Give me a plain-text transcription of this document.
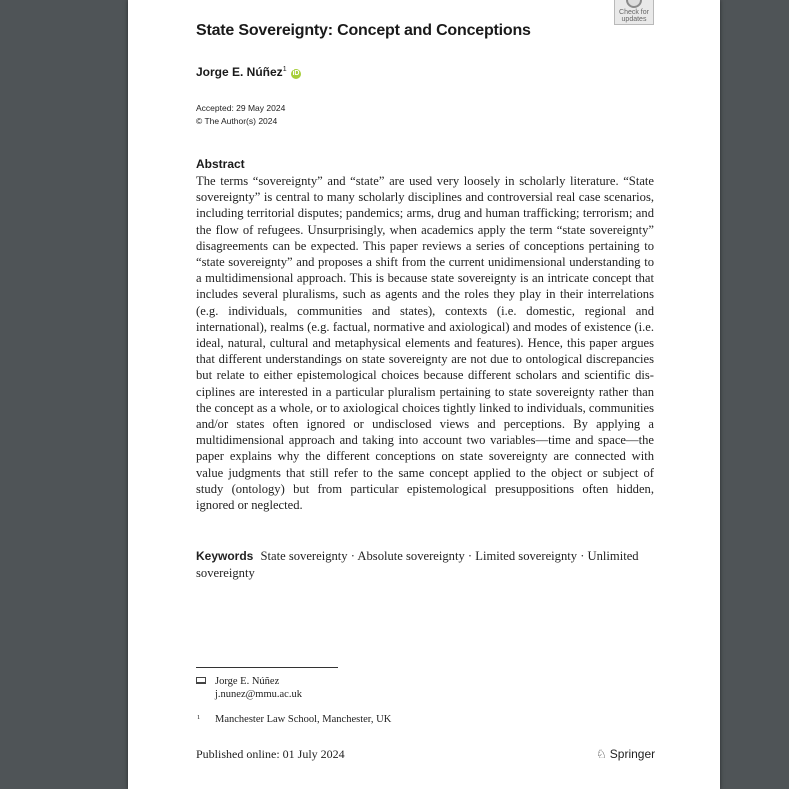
Check for
updates
State Sovereignty: Concept and Conceptions
Jorge E. Núñez$^1$ iD
Accepted: 29 May 2024
© The Author(s) 2024
Abstract
The terms “sovereignty” and “state” are used very loosely in scholarly literature. “State sovereignty” is central to many scholarly disciplines and controversial real case scenarios, including territorial disputes; pandemics; arms, drug and human trafficking; terrorism; and the flow of refugees. Unsurprisingly, when academics apply the term “state sovereignty” disagreements can be expected. This paper reviews a series of conceptions pertaining to “state sovereignty” and proposes a shift from the current unidimensional understanding to a multidimensional approach. This is because state sovereignty is an intricate concept that includes several pluralisms, such as agents and the roles they play in their interrelations (e.g. individuals, communities and states), contexts (i.e. domestic, regional and international), realms (e.g. factual, normative and axiological) and modes of existence (i.e. ideal, natural, cultural and metaphysical elements and features). Hence, this paper argues that different understandings on state sovereignty are not due to ontological discrepancies but relate to either epistemological choices because different scholars and scientific disciplines are interested in a particular pluralism pertaining to state sovereignty rather than the concept as a whole, or to axiological choices tightly linked to individuals, communities and/or states often ignored or undisclosed views and perceptions. By applying a multidimensional approach and taking into account two variables—time and space—the paper explains why the different conceptions on state sovereignty are connected with value judgments that still refer to the same concept applied to the object or subject of study (ontology) but from particular epistemological presuppositions often hidden, ignored or neglected.
Keywords State sovereignty · Absolute sovereignty · Limited sovereignty · Unlimited sovereignty
Jorge E. Núñez
j.nunez@mmu.ac.uk
1 Manchester Law School, Manchester, UK
Published online: 01 July 2024	♘ Springer
